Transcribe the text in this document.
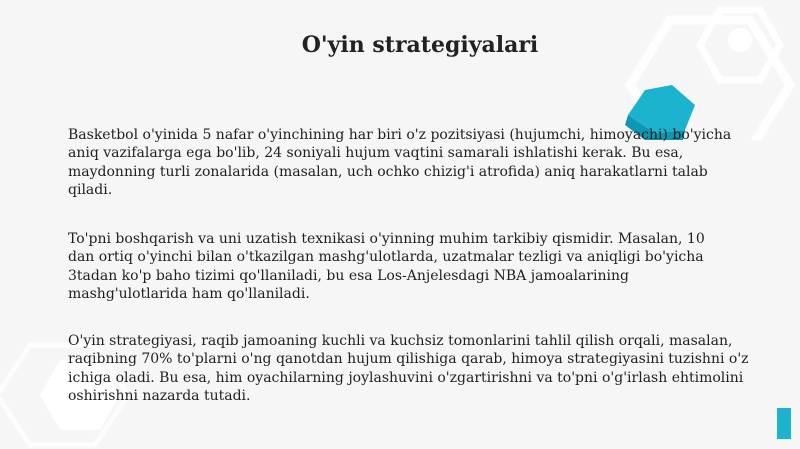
O'yin strategiyalari

Basketbol o'yinida 5 nafar o'yinchining har biri o'z pozitsiyasi (hujumchi, himoyachi) bo'yicha
aniq vazifalarga ega bo'lib, 24 soniyali hujum vaqtini samarali ishlatishi kerak. Bu esa,
maydonning turli zonalarida (masalan, uch ochko chizig'i atrofida) aniq harakatlarni talab
qiladi.

To'pni boshqarish va uni uzatish texnikasi o'yinning muhim tarkibiy qismidir. Masalan, 10
dan ortiq o'yinchi bilan o'tkazilgan mashg'ulotlarda, uzatmalar tezligi va aniqligi bo'yicha
3tadan ko'p baho tizimi qo'llaniladi, bu esa Los-Anjelesdagi NBA jamoalarining
mashg'ulotlarida ham qo'llaniladi.

O'yin strategiyasi, raqib jamoaning kuchli va kuchsiz tomonlarini tahlil qilish orqali, masalan,
raqibning 70% to'plarni o'ng qanotdan hujum qilishiga qarab, himoya strategiyasini tuzishni o'z
ichiga oladi. Bu esa, him oyachilarning joylashuvini o'zgartirishni va to'pni o'g'irlash ehtimolini
oshirishni nazarda tutadi.
